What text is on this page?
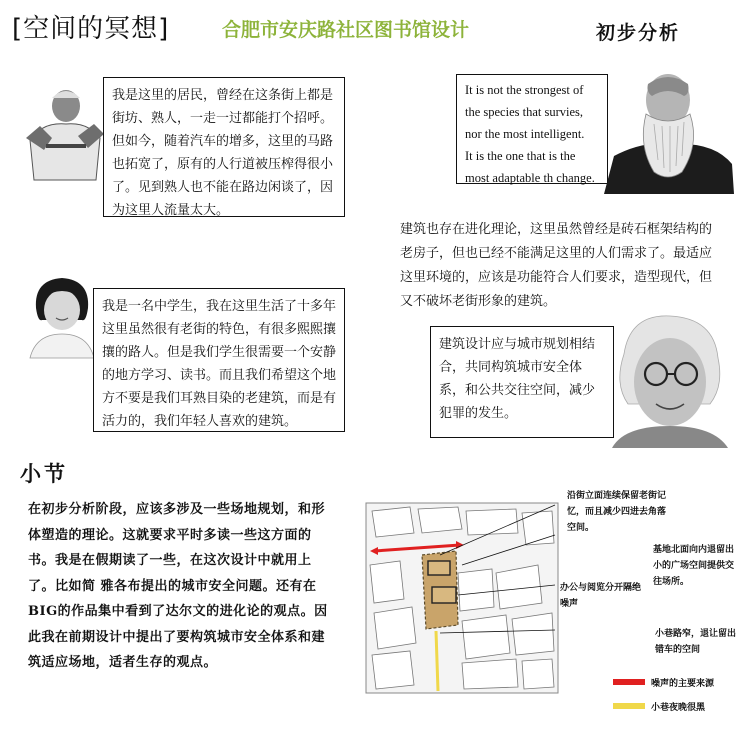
[空间的冥想]	合肥市安庆路社区图书馆设计	初步分析
我是这里的居民，曾经在这条街上都是街坊、熟人，一走一过都能打个招呼。但如今，随着汽车的增多，这里的马路也拓宽了，原有的人行道被压榨得很小了。见到熟人也不能在路边闲谈了，因为这里人流量太大。
It is not the strongest of
the species that survies,
nor the most intelligent.
It is the one that is the
most adaptable th change.
建筑也存在进化理论，这里虽然曾经是砖石框架结构的老房子，但也已经不能满足这里的人们需求了。最适应这里环境的，应该是功能符合人们要求，造型现代，但又不破坏老街形象的建筑。
我是一名中学生，我在这里生活了十多年这里虽然很有老街的特色，有很多熙熙攘攘的路人。但是我们学生很需要一个安静的地方学习、读书。而且我们希望这个地方不要是我们耳熟目染的老建筑，而是有活力的，我们年轻人喜欢的建筑。
建筑设计应与城市规划相结合，共同构筑城市安全体系，和公共交往空间，减少犯罪的发生。
小节
在初步分析阶段，应该多涉及一些场地规划，和形体塑造的理论。这就要求平时多读一些这方面的书。我是在假期读了一些，在这次设计中就用上了。比如简 雅各布提出的城市安全问题。还有在BIG的作品集中看到了达尔文的进化论的观点。因此我在前期设计中提出了要构筑城市安全体系和建筑适应场地，适者生存的观点。
沿街立面连续保留老街记忆，而且减少四进去角落空间。
基地北面向内退留出小的广场空间提供交往场所。
办公与阅览分开隔绝噪声
小巷路窄，退让留出错车的空间
噪声的主要来源
小巷夜晚很黑
